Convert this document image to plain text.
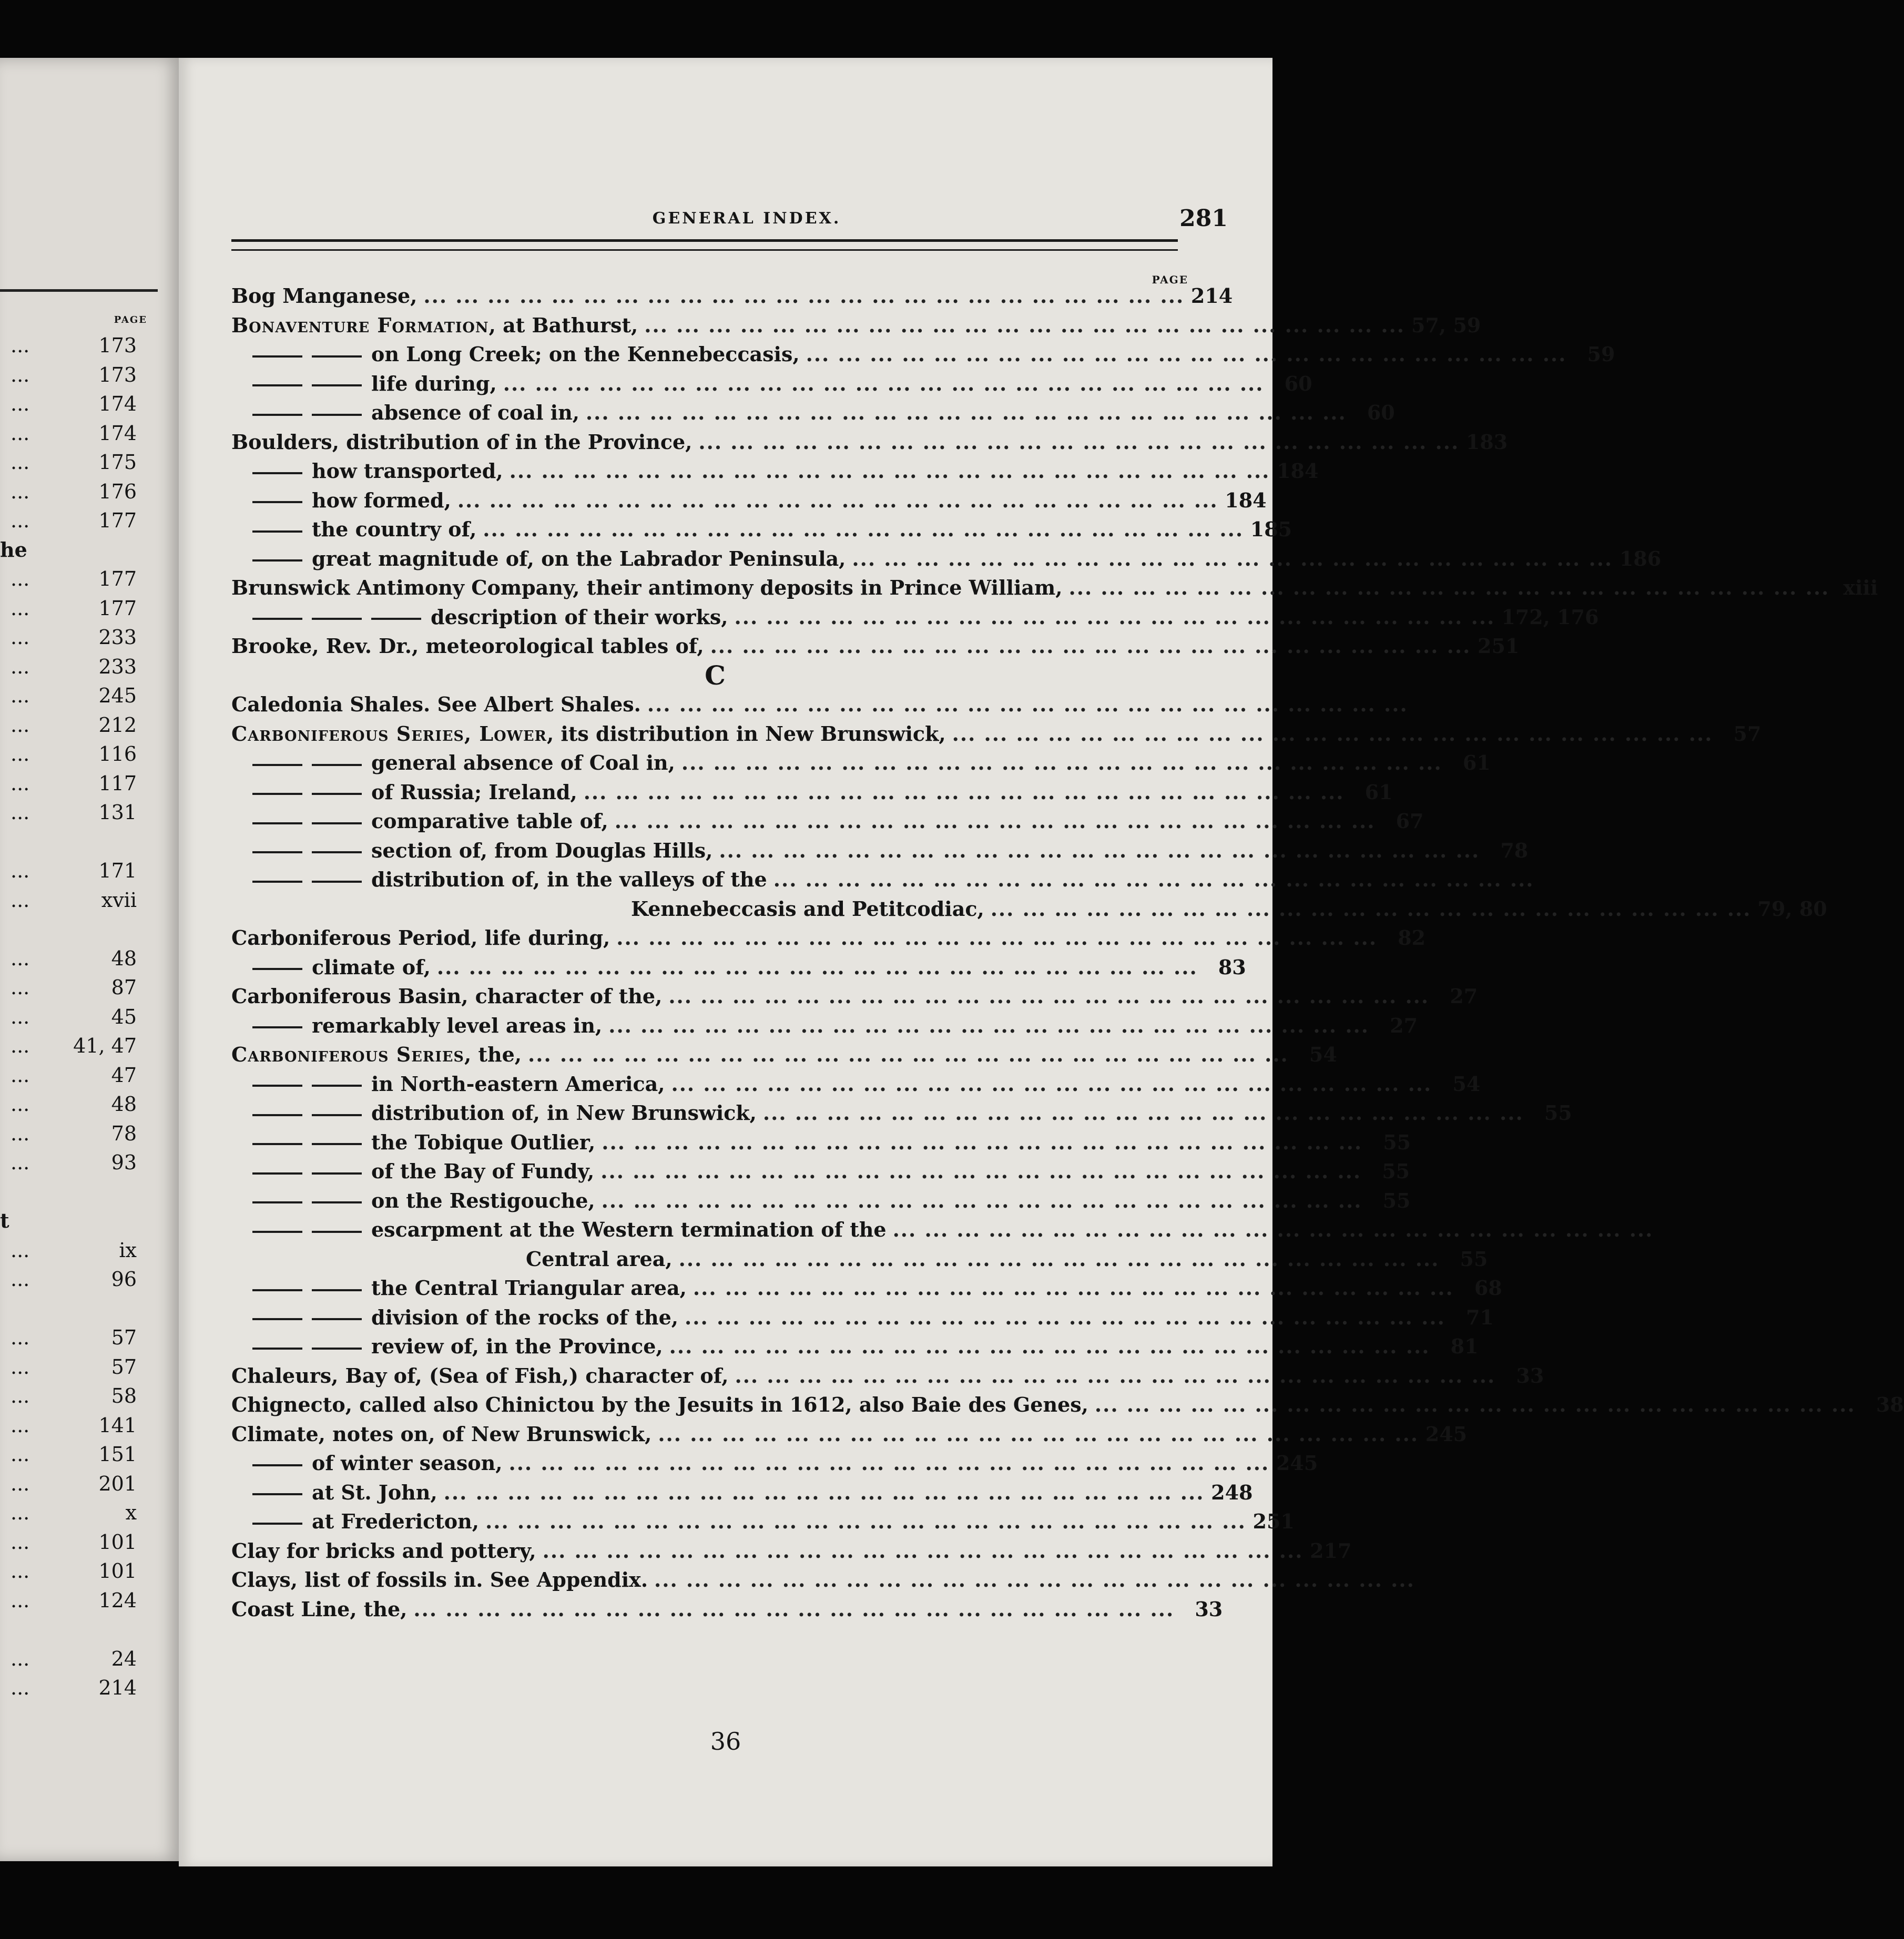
PAGE
...	173
...	173
...	174
...	174
...	175
...	176
...	177
he
...	177
...	177
...	233
...	233
...	245
...	212
...	116
...	117
...	131
...	171
...	xvii
...	48
...	87
...	45
... 41, 47
...	47
...	48
...	78
...	93
t
...	ix
...	96
...	57
...	57
...	58
...	141
...	151
...	201
...	x
...	101
...	101
...	124
...	24
...	214
GENERAL INDEX.	281
PAGE
Bog Manganese, ... ... ... ... ... ... ... ... ... ... ... ... ... ... ... ... ... ... ... ... ... ... ... ... 214
Bonaventure Formation, at Bathurst, ... ... ... ... ... ... ... ... ... ... ... ... ... ... ... ... ... ... ... ... ... ... ... ... 57, 59
on Long Creek; on the Kennebeccasis, ... ... ... ... ... ... ... ... ... ... ... ... ... ... ... ... ... ... ... ... ... ... ... ...	59
life during, ... ... ... ... ... ... ... ... ... ... ... ... ... ... ... ... ... ... ... ... ... ... ... ...	60
absence of coal in, ... ... ... ... ... ... ... ... ... ... ... ... ... ... ... ... ... ... ... ... ... ... ... ...	60
Boulders, distribution of in the Province, ... ... ... ... ... ... ... ... ... ... ... ... ... ... ... ... ... ... ... ... ... ... ... ... 183
how transported, ... ... ... ... ... ... ... ... ... ... ... ... ... ... ... ... ... ... ... ... ... ... ... ... 184
how formed, ... ... ... ... ... ... ... ... ... ... ... ... ... ... ... ... ... ... ... ... ... ... ... ... 184
the country of, ... ... ... ... ... ... ... ... ... ... ... ... ... ... ... ... ... ... ... ... ... ... ... ... 185
great magnitude of, on the Labrador Peninsula, ... ... ... ... ... ... ... ... ... ... ... ... ... ... ... ... ... ... ... ... ... ... ... ... 186
Brunswick Antimony Company, their antimony deposits in Prince William, ... ... ... ... ... ... ... ... ... ... ... ... ... ... ... ... ... ... ... ... ... ... ... ... xiii
description of their works, ... ... ... ... ... ... ... ... ... ... ... ... ... ... ... ... ... ... ... ... ... ... ... ... 172, 176
Brooke, Rev. Dr., meteorological tables of, ... ... ... ... ... ... ... ... ... ... ... ... ... ... ... ... ... ... ... ... ... ... ... ... 251
C
Caledonia Shales. See Albert Shales. ... ... ... ... ... ... ... ... ... ... ... ... ... ... ... ... ... ... ... ... ... ... ... ...
Carboniferous Series, Lower, its distribution in New Brunswick, ... ... ... ... ... ... ... ... ... ... ... ... ... ... ... ... ... ... ... ... ... ... ... ...	57
general absence of Coal in, ... ... ... ... ... ... ... ... ... ... ... ... ... ... ... ... ... ... ... ... ... ... ... ...	61
of Russia; Ireland, ... ... ... ... ... ... ... ... ... ... ... ... ... ... ... ... ... ... ... ... ... ... ... ...	61
comparative table of, ... ... ... ... ... ... ... ... ... ... ... ... ... ... ... ... ... ... ... ... ... ... ... ...	67
section of, from Douglas Hills, ... ... ... ... ... ... ... ... ... ... ... ... ... ... ... ... ... ... ... ... ... ... ... ...	78
distribution of, in the valleys of the ... ... ... ... ... ... ... ... ... ... ... ... ... ... ... ... ... ... ... ... ... ... ... ...
Kennebeccasis and Petitcodiac, ... ... ... ... ... ... ... ... ... ... ... ... ... ... ... ... ... ... ... ... ... ... ... ... 79, 80
Carboniferous Period, life during, ... ... ... ... ... ... ... ... ... ... ... ... ... ... ... ... ... ... ... ... ... ... ... ...	82
climate of, ... ... ... ... ... ... ... ... ... ... ... ... ... ... ... ... ... ... ... ... ... ... ... ...	83
Carboniferous Basin, character of the, ... ... ... ... ... ... ... ... ... ... ... ... ... ... ... ... ... ... ... ... ... ... ... ...	27
remarkably level areas in, ... ... ... ... ... ... ... ... ... ... ... ... ... ... ... ... ... ... ... ... ... ... ... ...	27
Carboniferous Series, the, ... ... ... ... ... ... ... ... ... ... ... ... ... ... ... ... ... ... ... ... ... ... ... ...	54
in North-eastern America, ... ... ... ... ... ... ... ... ... ... ... ... ... ... ... ... ... ... ... ... ... ... ... ...	54
distribution of, in New Brunswick, ... ... ... ... ... ... ... ... ... ... ... ... ... ... ... ... ... ... ... ... ... ... ... ...	55
the Tobique Outlier, ... ... ... ... ... ... ... ... ... ... ... ... ... ... ... ... ... ... ... ... ... ... ... ...	55
of the Bay of Fundy, ... ... ... ... ... ... ... ... ... ... ... ... ... ... ... ... ... ... ... ... ... ... ... ...	55
on the Restigouche, ... ... ... ... ... ... ... ... ... ... ... ... ... ... ... ... ... ... ... ... ... ... ... ...	55
escarpment at the Western termination of the ... ... ... ... ... ... ... ... ... ... ... ... ... ... ... ... ... ... ... ... ... ... ... ...
Central area, ... ... ... ... ... ... ... ... ... ... ... ... ... ... ... ... ... ... ... ... ... ... ... ...	55
the Central Triangular area, ... ... ... ... ... ... ... ... ... ... ... ... ... ... ... ... ... ... ... ... ... ... ... ...	68
division of the rocks of the, ... ... ... ... ... ... ... ... ... ... ... ... ... ... ... ... ... ... ... ... ... ... ... ...	71
review of, in the Province, ... ... ... ... ... ... ... ... ... ... ... ... ... ... ... ... ... ... ... ... ... ... ... ...	81
Chaleurs, Bay of, (Sea of Fish,) character of, ... ... ... ... ... ... ... ... ... ... ... ... ... ... ... ... ... ... ... ... ... ... ... ...	33
Chignecto, called also Chinictou by the Jesuits in 1612, also Baie des Genes, ... ... ... ... ... ... ... ... ... ... ... ... ... ... ... ... ... ... ... ... ... ... ... ...	38
Climate, notes on, of New Brunswick, ... ... ... ... ... ... ... ... ... ... ... ... ... ... ... ... ... ... ... ... ... ... ... ... 245
of winter season, ... ... ... ... ... ... ... ... ... ... ... ... ... ... ... ... ... ... ... ... ... ... ... ... 245
at St. John, ... ... ... ... ... ... ... ... ... ... ... ... ... ... ... ... ... ... ... ... ... ... ... ... 248
at Fredericton, ... ... ... ... ... ... ... ... ... ... ... ... ... ... ... ... ... ... ... ... ... ... ... ... 251
Clay for bricks and pottery, ... ... ... ... ... ... ... ... ... ... ... ... ... ... ... ... ... ... ... ... ... ... ... ... 217
Clays, list of fossils in. See Appendix. ... ... ... ... ... ... ... ... ... ... ... ... ... ... ... ... ... ... ... ... ... ... ... ...
Coast Line, the, ... ... ... ... ... ... ... ... ... ... ... ... ... ... ... ... ... ... ... ... ... ... ... ...	33
36
